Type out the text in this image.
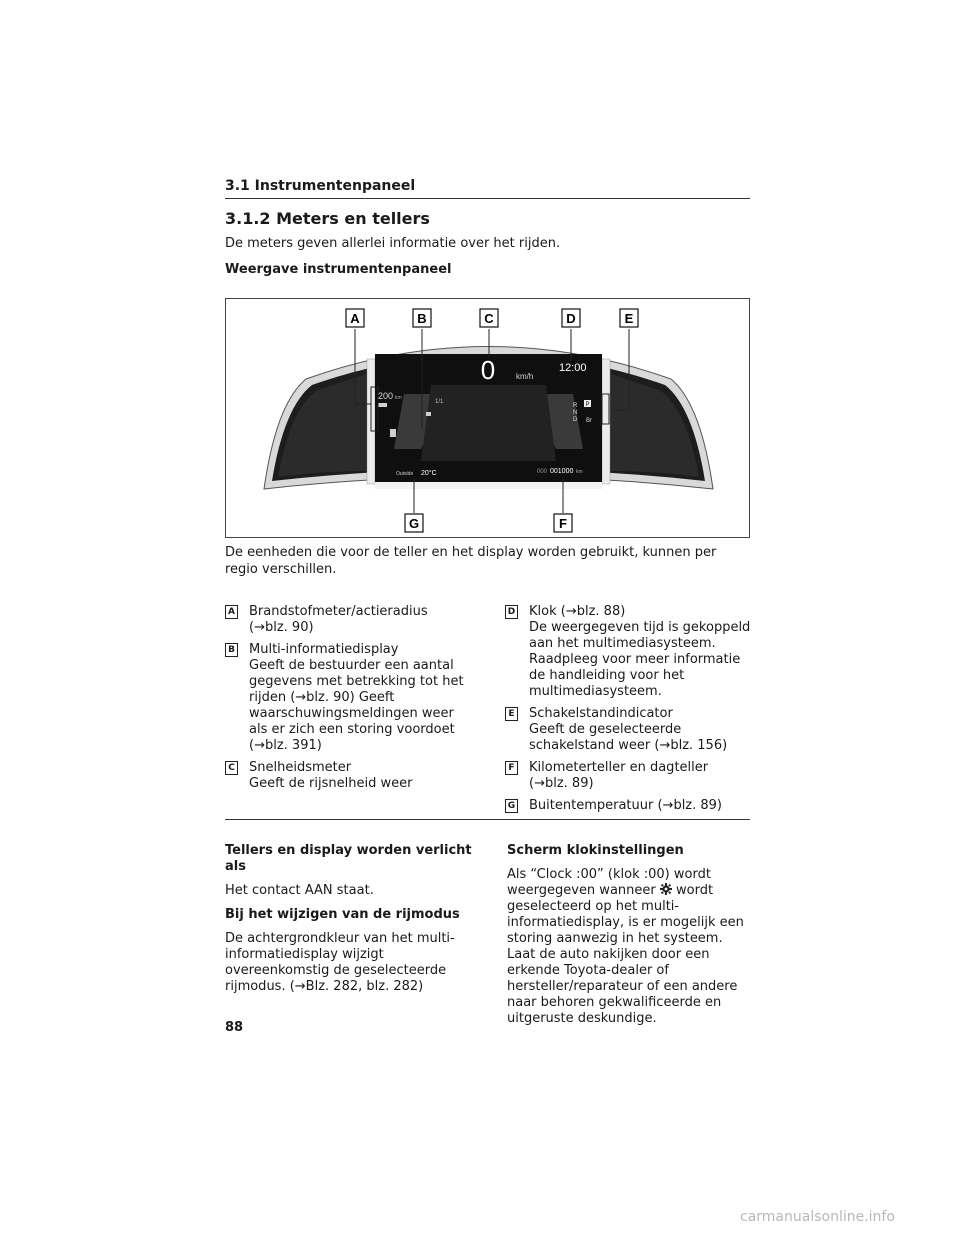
3.1 Instrumentenpaneel
3.1.2 Meters en tellers
De meters geven allerlei informatie over het rijden.
Weergave instrumentenpaneel
0	km/h
12:00
200 km
1/1
Outside 20°C	000 001000 km
R
N
D
P
Br
A	B	C	D	E
F
G
De eenheden die voor de teller en het display worden gebruikt, kunnen per regio verschillen.
A Brandstofmeter/actieradius
(→blz. 90)
B Multi-informatiedisplay
Geeft de bestuurder een aantal gegevens met betrekking tot het rijden (→blz. 90) Geeft waarschuwingsmeldingen weer als er zich een storing voordoet (→blz. 391)
C Snelheidsmeter
Geeft de rijsnelheid weer
D Klok (→blz. 88)
De weergegeven tijd is gekoppeld aan het multimediasysteem. Raadpleeg voor meer informatie de handleiding voor het multimediasysteem.
E Schakelstandindicator
Geeft de geselecteerde schakelstand weer (→blz. 156)
F Kilometerteller en dagteller
(→blz. 89)
G Buitentemperatuur (→blz. 89)
Tellers en display worden verlicht als
Het contact AAN staat.
Bij het wijzigen van de rijmodus
De achtergrondkleur van het multi-informatiedisplay wijzigt overeenkomstig de geselecteerde rijmodus. (→Blz. 282, blz. 282)
Scherm klokinstellingen
Als “Clock :00” (klok :00) wordt weergegeven wanneer wordt geselecteerd op het multi-informatiedisplay, is er mogelijk een storing aanwezig in het systeem. Laat de auto nakijken door een erkende Toyota-dealer of hersteller/reparateur of een andere naar behoren gekwalificeerde en uitgeruste deskundige.
88
carmanualsonline.info
